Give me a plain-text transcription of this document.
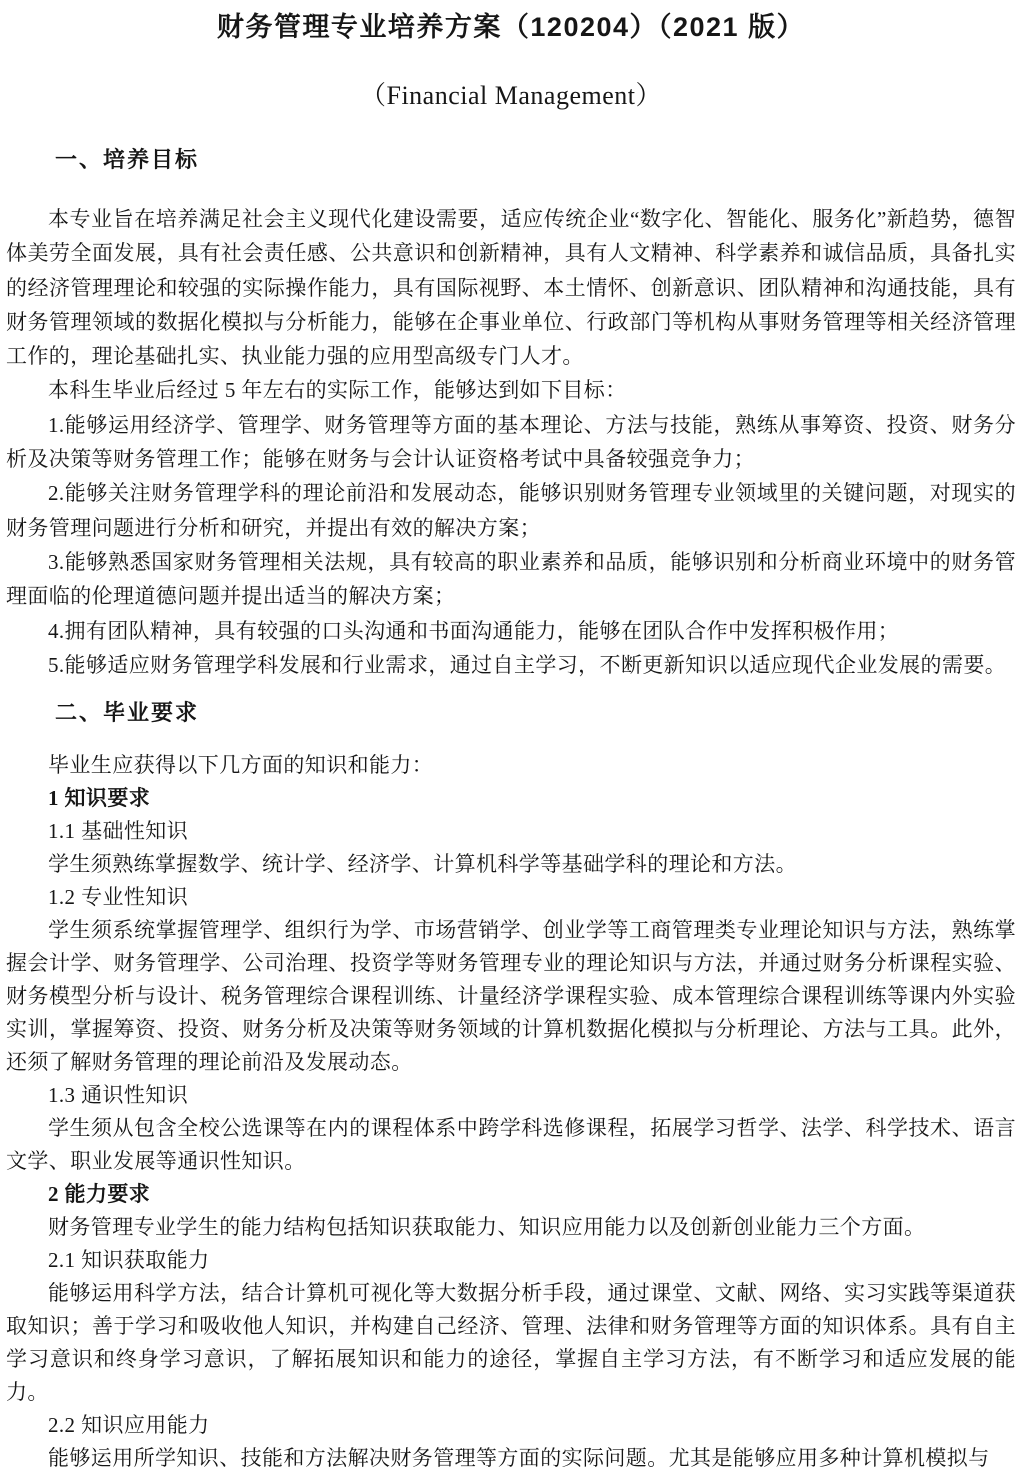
财务管理专业培养方案（120204）（2021 版）
（Financial Management）
一、培养目标

本专业旨在培养满足社会主义现代化建设需要，适应传统企业“数字化、智能化、服务化”新趋势，德智体美劳全面发展，具有社会责任感、公共意识和创新精神，具有人文精神、科学素养和诚信品质，具备扎实的经济管理理论和较强的实际操作能力，具有国际视野、本土情怀、创新意识、团队精神和沟通技能，具有财务管理领域的数据化模拟与分析能力，能够在企事业单位、行政部门等机构从事财务管理等相关经济管理工作的，理论基础扎实、执业能力强的应用型高级专门人才。

本科生毕业后经过 5 年左右的实际工作，能够达到如下目标：

1.能够运用经济学、管理学、财务管理等方面的基本理论、方法与技能，熟练从事筹资、投资、财务分析及决策等财务管理工作；能够在财务与会计认证资格考试中具备较强竞争力；

2.能够关注财务管理学科的理论前沿和发展动态，能够识别财务管理专业领域里的关键问题，对现实的财务管理问题进行分析和研究，并提出有效的解决方案；

3.能够熟悉国家财务管理相关法规，具有较高的职业素养和品质，能够识别和分析商业环境中的财务管理面临的伦理道德问题并提出适当的解决方案；

4.拥有团队精神，具有较强的口头沟通和书面沟通能力，能够在团队合作中发挥积极作用；

5.能够适应财务管理学科发展和行业需求，通过自主学习，不断更新知识以适应现代企业发展的需要。

二、毕业要求

毕业生应获得以下几方面的知识和能力：

1 知识要求

1.1 基础性知识

学生须熟练掌握数学、统计学、经济学、计算机科学等基础学科的理论和方法。

1.2 专业性知识

学生须系统掌握管理学、组织行为学、市场营销学、创业学等工商管理类专业理论知识与方法，熟练掌握会计学、财务管理学、公司治理、投资学等财务管理专业的理论知识与方法，并通过财务分析课程实验、财务模型分析与设计、税务管理综合课程训练、计量经济学课程实验、成本管理综合课程训练等课内外实验实训，掌握筹资、投资、财务分析及决策等财务领域的计算机数据化模拟与分析理论、方法与工具。此外，还须了解财务管理的理论前沿及发展动态。

1.3 通识性知识

学生须从包含全校公选课等在内的课程体系中跨学科选修课程，拓展学习哲学、法学、科学技术、语言文学、职业发展等通识性知识。

2 能力要求

财务管理专业学生的能力结构包括知识获取能力、知识应用能力以及创新创业能力三个方面。

2.1 知识获取能力

能够运用科学方法，结合计算机可视化等大数据分析手段，通过课堂、文献、网络、实习实践等渠道获取知识；善于学习和吸收他人知识，并构建自己经济、管理、法律和财务管理等方面的知识体系。具有自主学习意识和终身学习意识，了解拓展知识和能力的途径，掌握自主学习方法，有不断学习和适应发展的能力。

2.2 知识应用能力

能够运用所学知识、技能和方法解决财务管理等方面的实际问题。尤其是能够应用多种计算机模拟与
